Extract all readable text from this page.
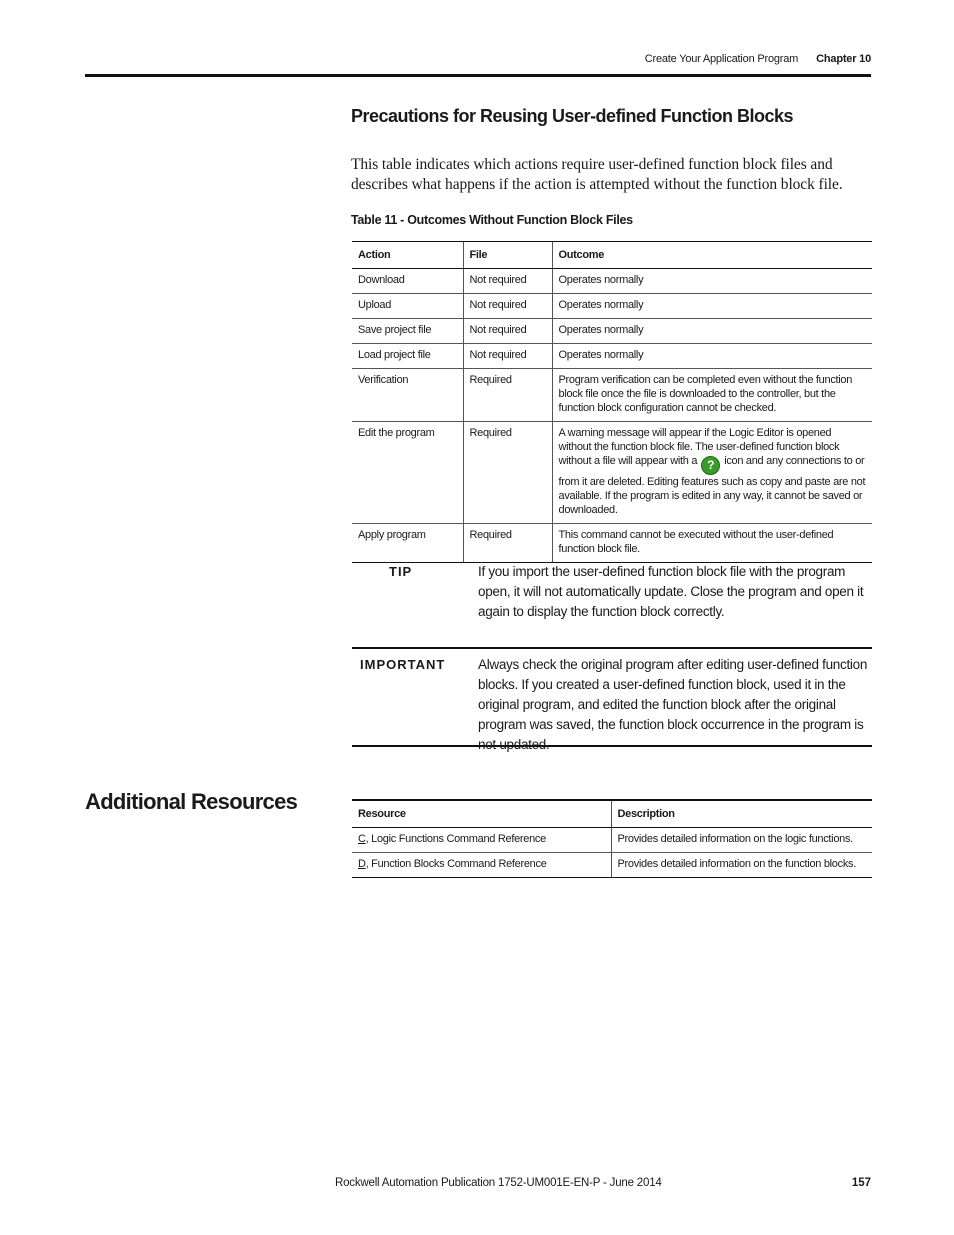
Create Your Application Program Chapter 10
Precautions for Reusing User-defined Function Blocks
This table indicates which actions require user-defined function block files and describes what happens if the action is attempted without the function block file.
Table 11 - Outcomes Without Function Block Files
Action	File	Outcome
Download	Not required	Operates normally
Upload	Not required	Operates normally
Save project file	Not required	Operates normally
Load project file	Not required	Operates normally
Verification	Required	Program verification can be completed even without the function block file once the file is downloaded to the controller, but the function block configuration cannot be checked.
Edit the program	Required	A warning message will appear if the Logic Editor is opened without the function block file. The user-defined function block without a file will appear with a ? icon and any connections to or from it are deleted. Editing features such as copy and paste are not available. If the program is edited in any way, it cannot be saved or downloaded.
Apply program	Required	This command cannot be executed without the user-defined function block file.
TIP	If you import the user-defined function block file with the program open, it will not automatically update. Close the program and open it again to display the function block correctly.
IMPORTANT Always check the original program after editing user-defined function blocks. If you created a user-defined function block, used it in the original program, and edited the function block after the original program was saved, the function block occurrence in the program is not updated.
Additional Resources	Resource	Description
C, Logic Functions Command Reference	Provides detailed information on the logic functions.
D, Function Blocks Command Reference	Provides detailed information on the function blocks.
Rockwell Automation Publication 1752-UM001E-EN-P - June 2014	157
